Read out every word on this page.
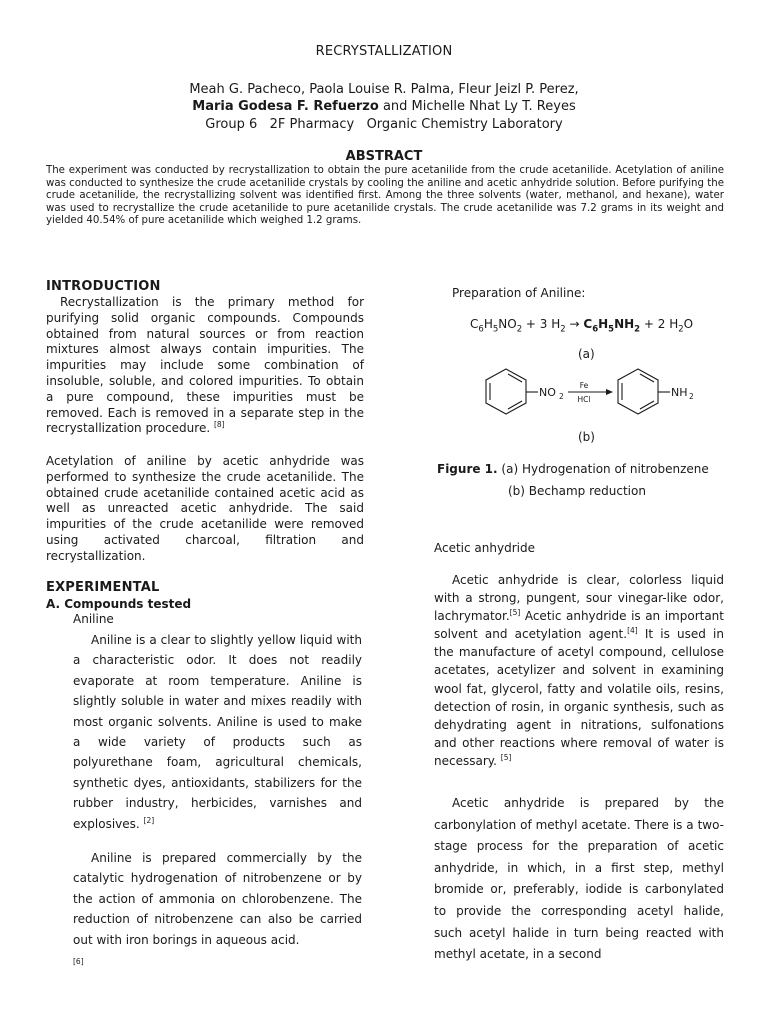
RECRYSTALLIZATION
Meah G. Pacheco, Paola Louise R. Palma, Fleur Jeizl P. Perez,
Maria Godesa F. Refuerzo and Michelle Nhat Ly T. Reyes
Group 6   2F Pharmacy   Organic Chemistry Laboratory
ABSTRACT
The experiment was conducted by recrystallization to obtain the pure acetanilide from the crude acetanilide. Acetylation of aniline was conducted to synthesize the crude acetanilide crystals by cooling the aniline and acetic anhydride solution. Before purifying the crude acetanilide, the recrystallizing solvent was identified first. Among the three solvents (water, methanol, and hexane), water was used to recrystallize the crude acetanilide to pure acetanilide crystals. The crude acetanilide was 7.2 grams in its weight and yielded 40.54% of pure acetanilide which weighed 1.2 grams.
INTRODUCTION
Recrystallization is the primary method for purifying solid organic compounds. Compounds obtained from natural sources or from reaction mixtures almost always contain impurities. The impurities may include some combination of insoluble, soluble, and colored impurities. To obtain a pure compound, these impurities must be removed. Each is removed in a separate step in the recrystallization procedure. [8]
Acetylation of aniline by acetic anhydride was performed to synthesize the crude acetanilide. The obtained crude acetanilide contained acetic acid as well as unreacted acetic anhydride. The said impurities of the crude acetanilide were removed using activated charcoal, filtration and recrystallization.
EXPERIMENTAL
A. Compounds tested
Aniline
Aniline is a clear to slightly yellow liquid with a characteristic odor. It does not readily evaporate at room temperature. Aniline is slightly soluble in water and mixes readily with most organic solvents. Aniline is used to make a wide variety of products such as polyurethane foam, agricultural chemicals, synthetic dyes, antioxidants, stabilizers for the rubber industry, herbicides, varnishes and explosives. [2]
Aniline is prepared commercially by the catalytic hydrogenation of nitrobenzene or by the action of ammonia on chlorobenzene. The reduction of nitrobenzene can also be carried out with iron borings in aqueous acid.
[6]
Preparation of Aniline:
$C_6H_5NO_2 + 3$ $H_2 \to C_6H_5NH_2 + 2$ $H_2O$
(a)
NO 2
Fe
HCl
NH 2
(b)
Figure 1. (a) Hydrogenation of nitrobenzene
(b) Bechamp reduction
Acetic anhydride
Acetic anhydride is clear, colorless liquid with a strong, pungent, sour vinegar-like odor, lachrymator.[5] Acetic anhydride is an important solvent and acetylation agent.[4] It is used in the manufacture of acetyl compound, cellulose acetates, acetylizer and solvent in examining wool fat, glycerol, fatty and volatile oils, resins, detection of rosin, in organic synthesis, such as dehydrating agent in nitrations, sulfonations and other reactions where removal of water is necessary. [5]
Acetic anhydride is prepared by the carbonylation of methyl acetate. There is a two-stage process for the preparation of acetic anhydride, in which, in a first step, methyl bromide or, preferably, iodide is carbonylated to provide the corresponding acetyl halide, such acetyl halide in turn being reacted with methyl acetate, in a second
